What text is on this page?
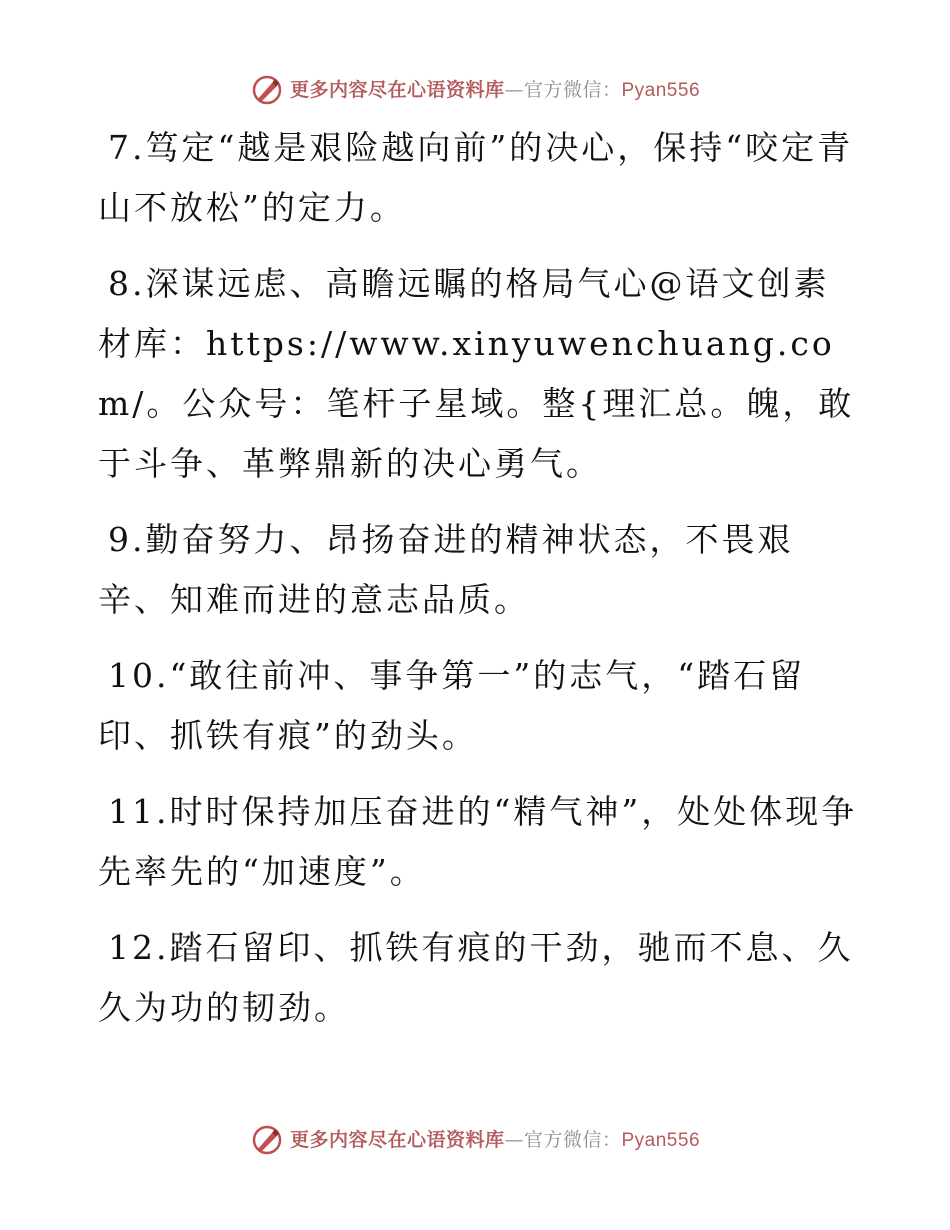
更多内容尽在心语资料库—官方微信：Pyan556

7.笃定“越是艰险越向前”的决心，保持“咬定青山不放松”的定力。

8.深谋远虑、高瞻远瞩的格局气心@语文创素材库：https://www.xinyuwenchuang.com/。公众号：笔杆子星域。整{理汇总。魄，敢于斗争、革弊鼎新的决心勇气。

9.勤奋努力、昂扬奋进的精神状态，不畏艰辛、知难而进的意志品质。

10.“敢往前冲、事争第一”的志气，“踏石留印、抓铁有痕”的劲头。

11.时时保持加压奋进的“精气神”，处处体现争先率先的“加速度”。

12.踏石留印、抓铁有痕的干劲，驰而不息、久久为功的韧劲。

更多内容尽在心语资料库—官方微信：Pyan556
